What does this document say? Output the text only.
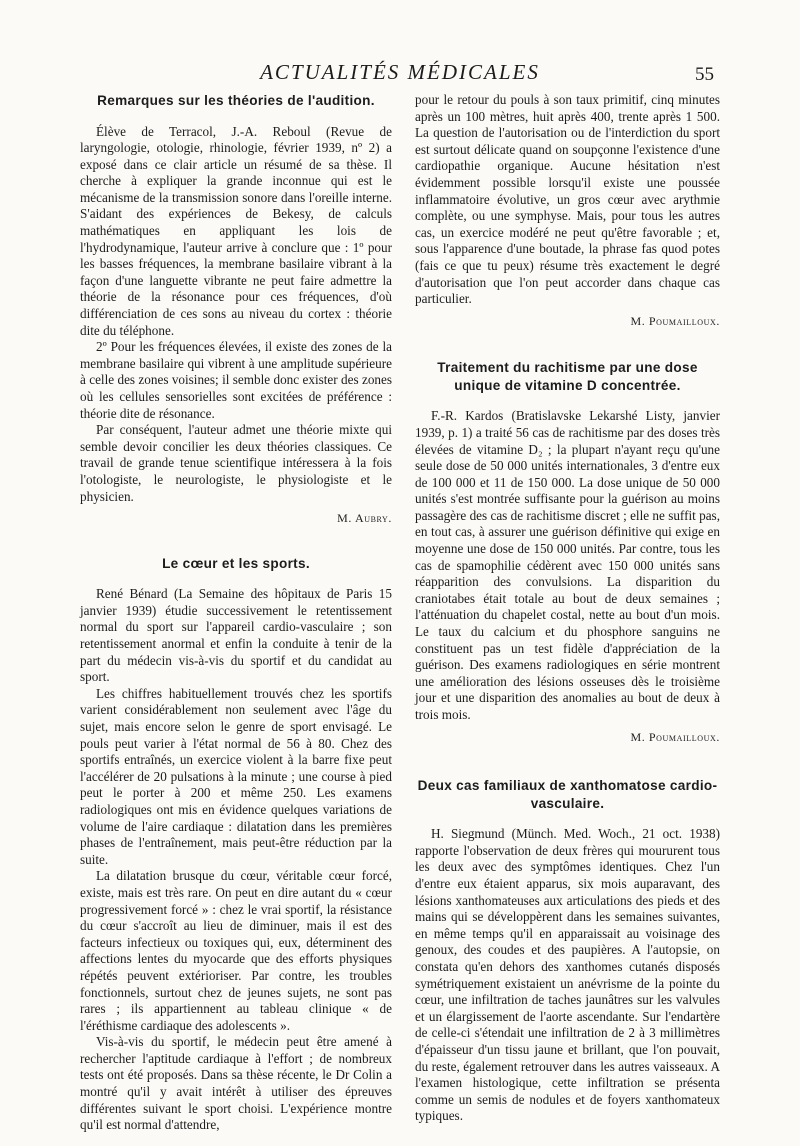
ACTUALITÉS MÉDICALES	55
Remarques sur les théories de l'audition.

Élève de Terracol, J.-A. Reboul (Revue de laryngologie, otologie, rhinologie, février 1939, nº 2) a exposé dans ce clair article un résumé de sa thèse. Il cherche à expliquer la grande inconnue qui est le mécanisme de la transmission sonore dans l'oreille interne. S'aidant des expériences de Bekesy, de calculs mathématiques en appliquant les lois de l'hydrodynamique, l'auteur arrive à conclure que : 1º pour les basses fréquences, la membrane basilaire vibrant à la façon d'une languette vibrante ne peut faire admettre la théorie de la résonance pour ces fréquences, d'où différenciation de ces sons au niveau du cortex : théorie dite du téléphone.

2º Pour les fréquences élevées, il existe des zones de la membrane basilaire qui vibrent à une amplitude supérieure à celle des zones voisines; il semble donc exister des zones où les cellules sensorielles sont excitées de préférence : théorie dite de résonance.

Par conséquent, l'auteur admet une théorie mixte qui semble devoir concilier les deux théories classiques. Ce travail de grande tenue scientifique intéressera à la fois l'otologiste, le neurologiste, le physiologiste et le physicien.

M. Aubry.
Le cœur et les sports.

René Bénard (La Semaine des hôpitaux de Paris 15 janvier 1939) étudie successivement le retentissement normal du sport sur l'appareil cardio-vasculaire ; son retentissement anormal et enfin la conduite à tenir de la part du médecin vis-à-vis du sportif et du candidat au sport.

Les chiffres habituellement trouvés chez les sportifs varient considérablement non seulement avec l'âge du sujet, mais encore selon le genre de sport envisagé. Le pouls peut varier à l'état normal de 56 à 80. Chez des sportifs entraînés, un exercice violent à la barre fixe peut l'accélérer de 20 pulsations à la minute ; une course à pied peut le porter à 200 et même 250. Les examens radiologiques ont mis en évidence quelques variations de volume de l'aire cardiaque : dilatation dans les premières phases de l'entraînement, mais peut-être réduction par la suite.

La dilatation brusque du cœur, véritable cœur forcé, existe, mais est très rare. On peut en dire autant du « cœur progressivement forcé » : chez le vrai sportif, la résistance du cœur s'accroît au lieu de diminuer, mais il est des facteurs infectieux ou toxiques qui, eux, déterminent des affections lentes du myocarde que des efforts physiques répétés peuvent extérioriser. Par contre, les troubles fonctionnels, surtout chez de jeunes sujets, ne sont pas rares ; ils appartiennent au tableau clinique « de l'éréthisme cardiaque des adolescents ».

Vis-à-vis du sportif, le médecin peut être amené à rechercher l'aptitude cardiaque à l'effort ; de nombreux tests ont été proposés. Dans sa thèse récente, le Dr Colin a montré qu'il y avait intérêt à utiliser des épreuves différentes suivant le sport choisi. L'expérience montre qu'il est normal d'attendre,

pour le retour du pouls à son taux primitif, cinq minutes après un 100 mètres, huit après 400, trente après 1 500. La question de l'autorisation ou de l'interdiction du sport est surtout délicate quand on soupçonne l'existence d'une cardiopathie organique. Aucune hésitation n'est évidemment possible lorsqu'il existe une poussée inflammatoire évolutive, un gros cœur avec arythmie complète, ou une symphyse. Mais, pour tous les autres cas, un exercice modéré ne peut qu'être favorable ; et, sous l'apparence d'une boutade, la phrase fas quod potes (fais ce que tu peux) résume très exactement le degré d'autorisation que l'on peut accorder dans chaque cas particulier.

M. Poumailloux.
Traitement du rachitisme par une dose unique de vitamine D concentrée.

F.-R. Kardos (Bratislavske Lekarshé Listy, janvier 1939, p. 1) a traité 56 cas de rachitisme par des doses très élevées de vitamine D₂ ; la plupart n'ayant reçu qu'une seule dose de 50 000 unités internationales, 3 d'entre eux de 100 000 et 11 de 150 000. La dose unique de 50 000 unités s'est montrée suffisante pour la guérison au moins passagère des cas de rachitisme discret ; elle ne suffit pas, en tout cas, à assurer une guérison définitive qui exige en moyenne une dose de 150 000 unités. Par contre, tous les cas de spamophilie cédèrent avec 150 000 unités sans réapparition des convulsions. La disparition du craniotabes était totale au bout de deux semaines ; l'atténuation du chapelet costal, nette au bout d'un mois. Le taux du calcium et du phosphore sanguins ne constituent pas un test fidèle d'appréciation de la guérison. Des examens radiologiques en série montrent une amélioration des lésions osseuses dès le troisième jour et une disparition des anomalies au bout de deux à trois mois.

M. Poumailloux.
Deux cas familiaux de xanthomatose cardio-vasculaire.

H. Siegmund (Münch. Med. Woch., 21 oct. 1938) rapporte l'observation de deux frères qui moururent tous les deux avec des symptômes identiques. Chez l'un d'entre eux étaient apparus, six mois auparavant, des lésions xanthomateuses aux articulations des pieds et des mains qui se développèrent dans les semaines suivantes, en même temps qu'il en apparaissait au voisinage des genoux, des coudes et des paupières. A l'autopsie, on constata qu'en dehors des xanthomes cutanés disposés symétriquement existaient un anévrisme de la pointe du cœur, une infiltration de taches jaunâtres sur les valvules et un élargissement de l'aorte ascendante. Sur l'endartère de celle-ci s'étendait une infiltration de 2 à 3 millimètres d'épaisseur d'un tissu jaune et brillant, que l'on pouvait, du reste, également retrouver dans les autres vaisseaux. A l'examen histologique, cette infiltration se présenta comme un semis de nodules et de foyers xanthomateux typiques.
